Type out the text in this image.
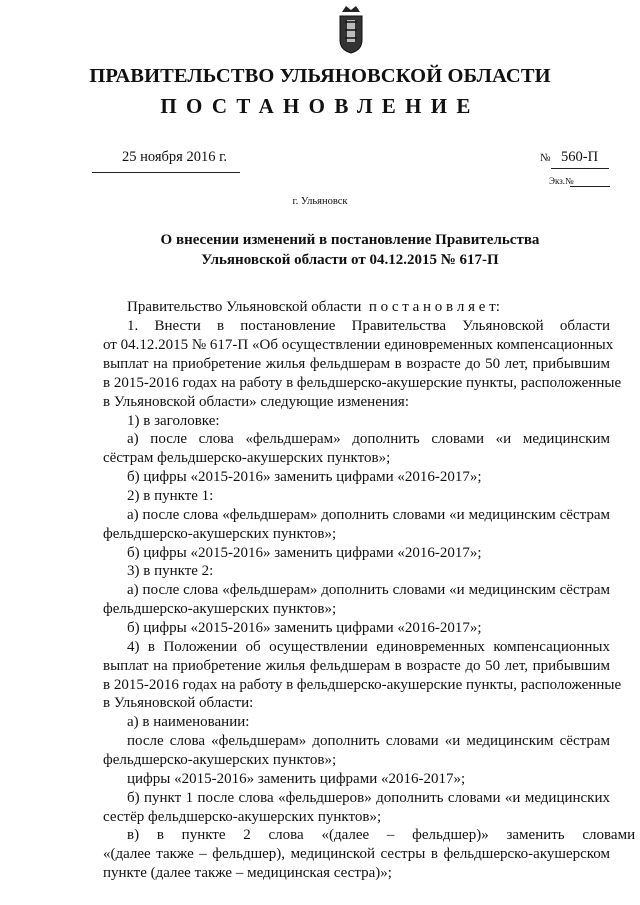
ПРАВИТЕЛЬСТВО УЛЬЯНОВСКОЙ ОБЛАСТИ
ПОСТАНОВЛЕНИЕ
25 ноября 2016 г.	№ 560-П
Экз.№
г. Ульяновск
О внесении изменений в постановление Правительства
Ульяновской области от 04.12.2015 № 617-П
Правительство Ульяновской области  п о с т а н о в л я е т:
1. Внести в постановление Правительства Ульяновской области
от 04.12.2015 № 617-П «Об осуществлении единовременных компенсационных
выплат на приобретение жилья фельдшерам в возрасте до 50 лет, прибывшим
в 2015-2016 годах на работу в фельдшерско-акушерские пункты, расположенные
в Ульяновской области» следующие изменения:
1) в заголовке:
а) после слова «фельдшерам» дополнить словами «и медицинским
сёстрам фельдшерско-акушерских пунктов»;
б) цифры «2015-2016» заменить цифрами «2016-2017»;
2) в пункте 1:
а) после слова «фельдшерам» дополнить словами «и медицинским сёстрам
фельдшерско-акушерских пунктов»;
б) цифры «2015-2016» заменить цифрами «2016-2017»;
3) в пункте 2:
а) после слова «фельдшерам» дополнить словами «и медицинским сёстрам
фельдшерско-акушерских пунктов»;
б) цифры «2015-2016» заменить цифрами «2016-2017»;
4) в Положении об осуществлении единовременных компенсационных
выплат на приобретение жилья фельдшерам в возрасте до 50 лет, прибывшим
в 2015-2016 годах на работу в фельдшерско-акушерские пункты, расположенные
в Ульяновской области:
а) в наименовании:
после слова «фельдшерам» дополнить словами «и медицинским сёстрам
фельдшерско-акушерских пунктов»;
цифры «2015-2016» заменить цифрами «2016-2017»;
б) пункт 1 после слова «фельдшеров» дополнить словами «и медицинских
сестёр фельдшерско-акушерских пунктов»;
в) в пункте 2 слова «(далее – фельдшер)» заменить словами
«(далее также – фельдшер), медицинской сестры в фельдшерско-акушерском
пункте (далее также – медицинская сестра)»;
